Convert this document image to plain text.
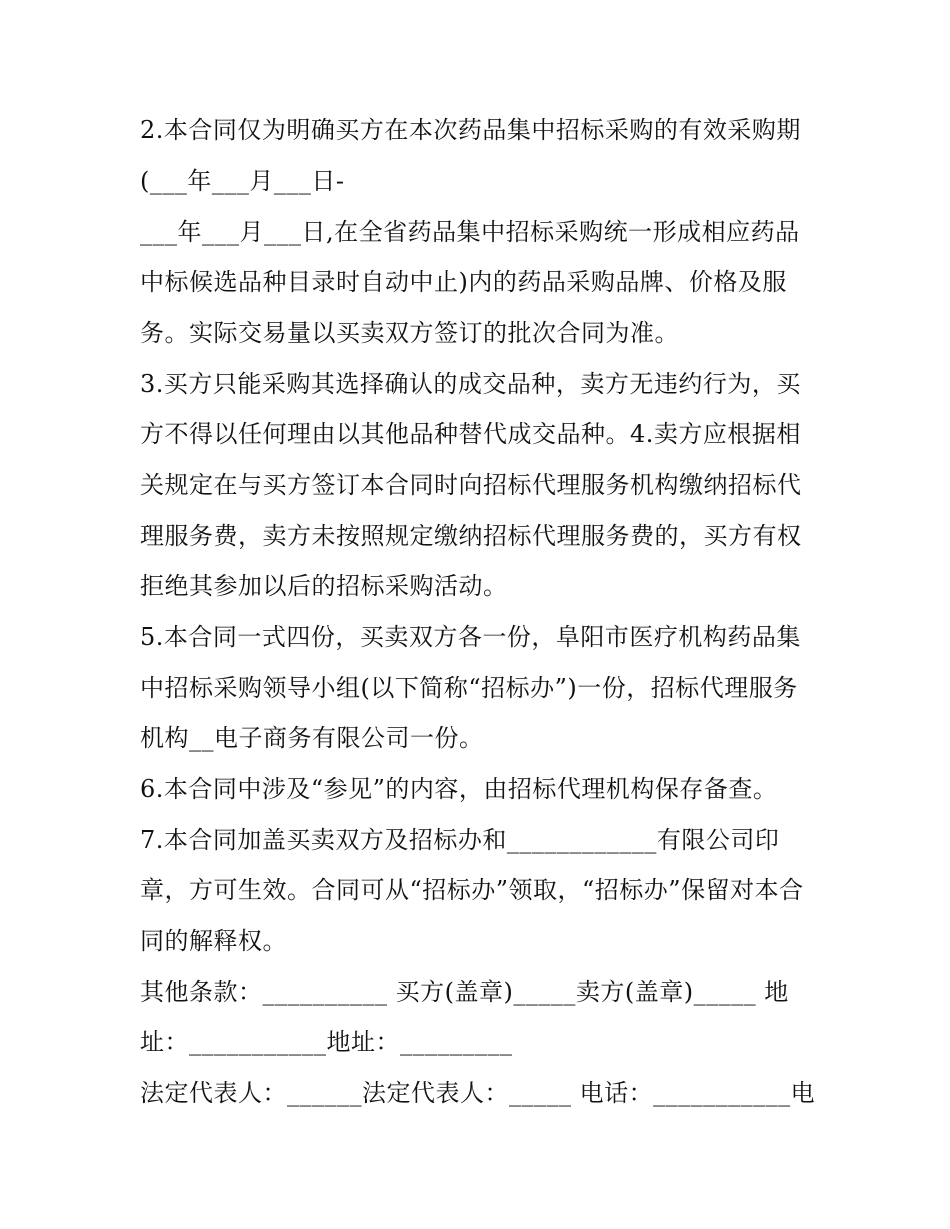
2.本合同仅为明确买方在本次药品集中招标采购的有效采购期
(___年___月___日-
___年___月___日,在全省药品集中招标采购统一形成相应药品
中标候选品种目录时自动中止)内的药品采购品牌、价格及服
务。实际交易量以买卖双方签订的批次合同为准。
3.买方只能采购其选择确认的成交品种，卖方无违约行为，买
方不得以任何理由以其他品种替代成交品种。4.卖方应根据相
关规定在与买方签订本合同时向招标代理服务机构缴纳招标代
理服务费，卖方未按照规定缴纳招标代理服务费的，买方有权
拒绝其参加以后的招标采购活动。
5.本合同一式四份，买卖双方各一份，阜阳市医疗机构药品集
中招标采购领导小组(以下简称“招标办”)一份，招标代理服务
机构__电子商务有限公司一份。
6.本合同中涉及“参见”的内容，由招标代理机构保存备查。
7.本合同加盖买卖双方及招标办和____________有限公司印
章，方可生效。合同可从“招标办”领取，“招标办”保留对本合
同的解释权。
其他条款：__________ 买方(盖章)_____卖方(盖章)_____ 地
址：___________地址：_________
法定代表人：______法定代表人：_____ 电话：___________电
